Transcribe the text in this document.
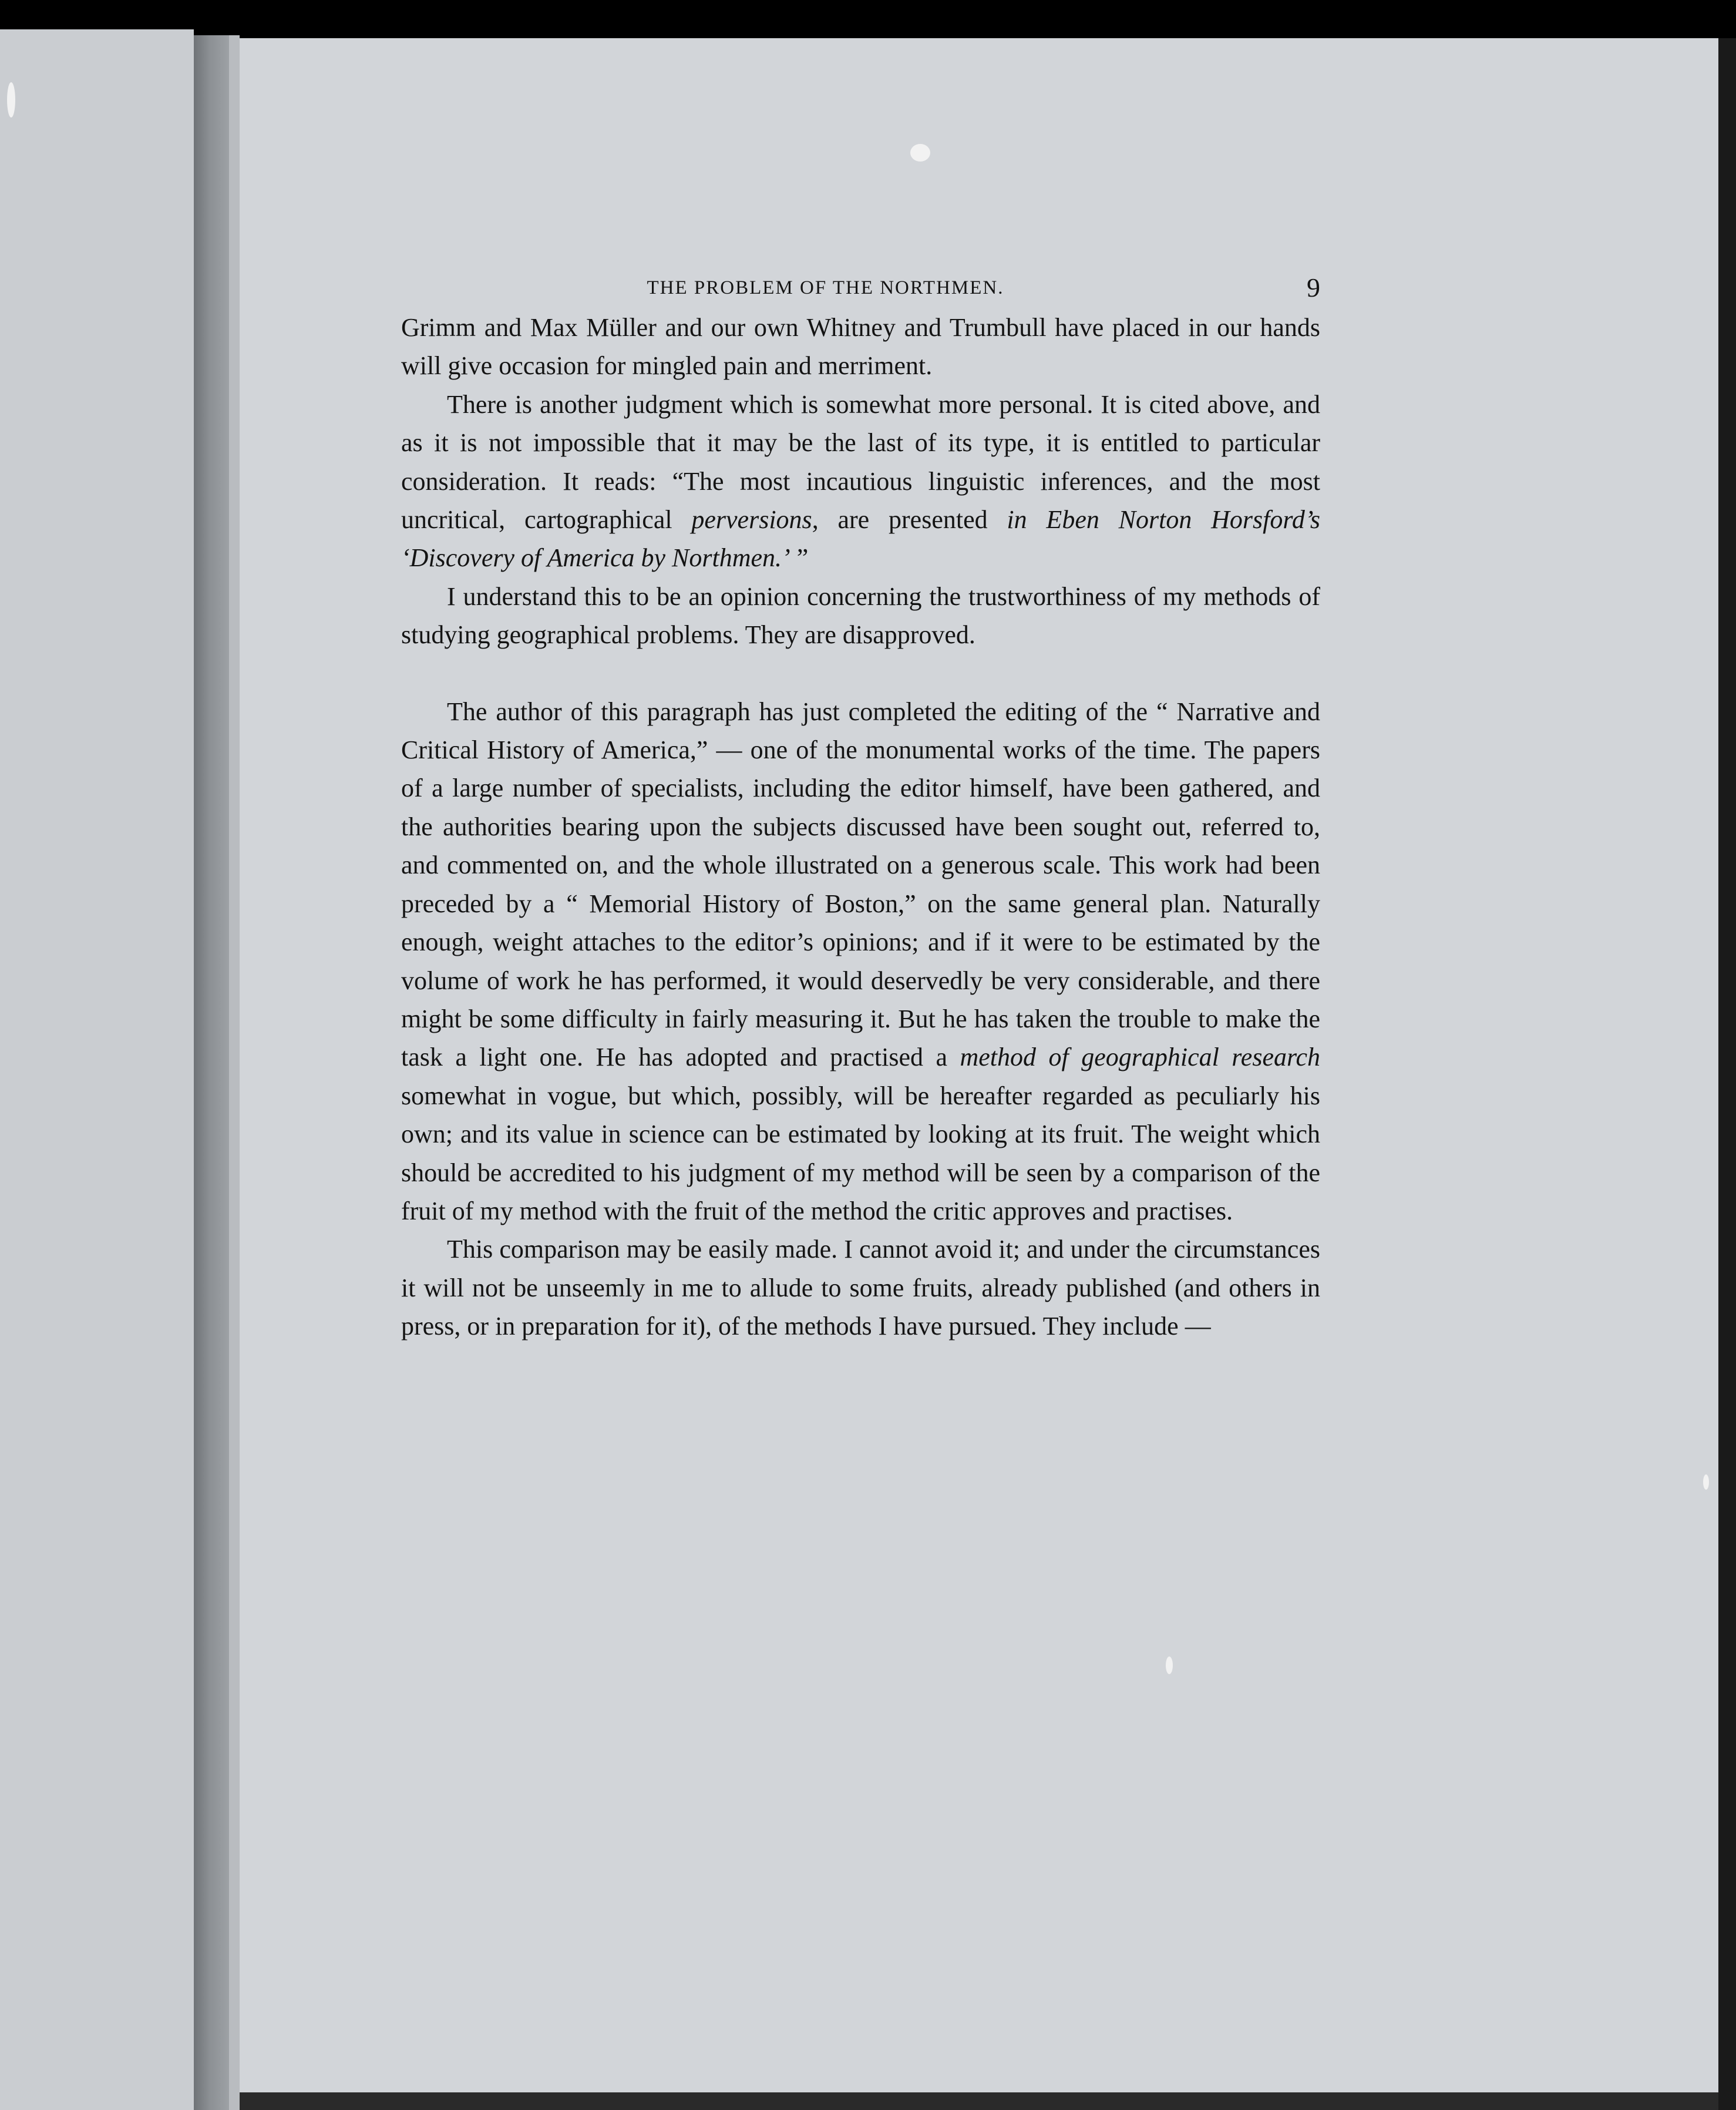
THE PROBLEM OF THE NORTHMEN.	9

Grimm and Max Müller and our own Whitney and Trumbull have placed in our hands will give occasion for mingled pain and merriment.

There is another judgment which is somewhat more personal. It is cited above, and as it is not impossible that it may be the last of its type, it is entitled to particular consideration. It reads: “The most incautious linguistic inferences, and the most uncritical, cartographical perversions, are presented in Eben Norton Horsford’s ‘Discovery of America by Northmen.’ ”

I understand this to be an opinion concerning the trustworthiness of my methods of studying geographical problems. They are disapproved.

The author of this paragraph has just completed the editing of the “ Narrative and Critical History of America,” — one of the monumental works of the time. The papers of a large number of specialists, including the editor himself, have been gathered, and the authorities bearing upon the subjects discussed have been sought out, referred to, and commented on, and the whole illustrated on a generous scale. This work had been preceded by a “ Memorial History of Boston,” on the same general plan. Naturally enough, weight attaches to the editor’s opinions; and if it were to be estimated by the volume of work he has performed, it would deservedly be very considerable, and there might be some difficulty in fairly measuring it. But he has taken the trouble to make the task a light one. He has adopted and practised a method of geographical research somewhat in vogue, but which, possibly, will be hereafter regarded as peculiarly his own; and its value in science can be estimated by looking at its fruit. The weight which should be accredited to his judgment of my method will be seen by a comparison of the fruit of my method with the fruit of the method the critic approves and practises.

This comparison may be easily made. I cannot avoid it; and under the circumstances it will not be unseemly in me to allude to some fruits, already published (and others in press, or in preparation for it), of the methods I have pursued. They include —
